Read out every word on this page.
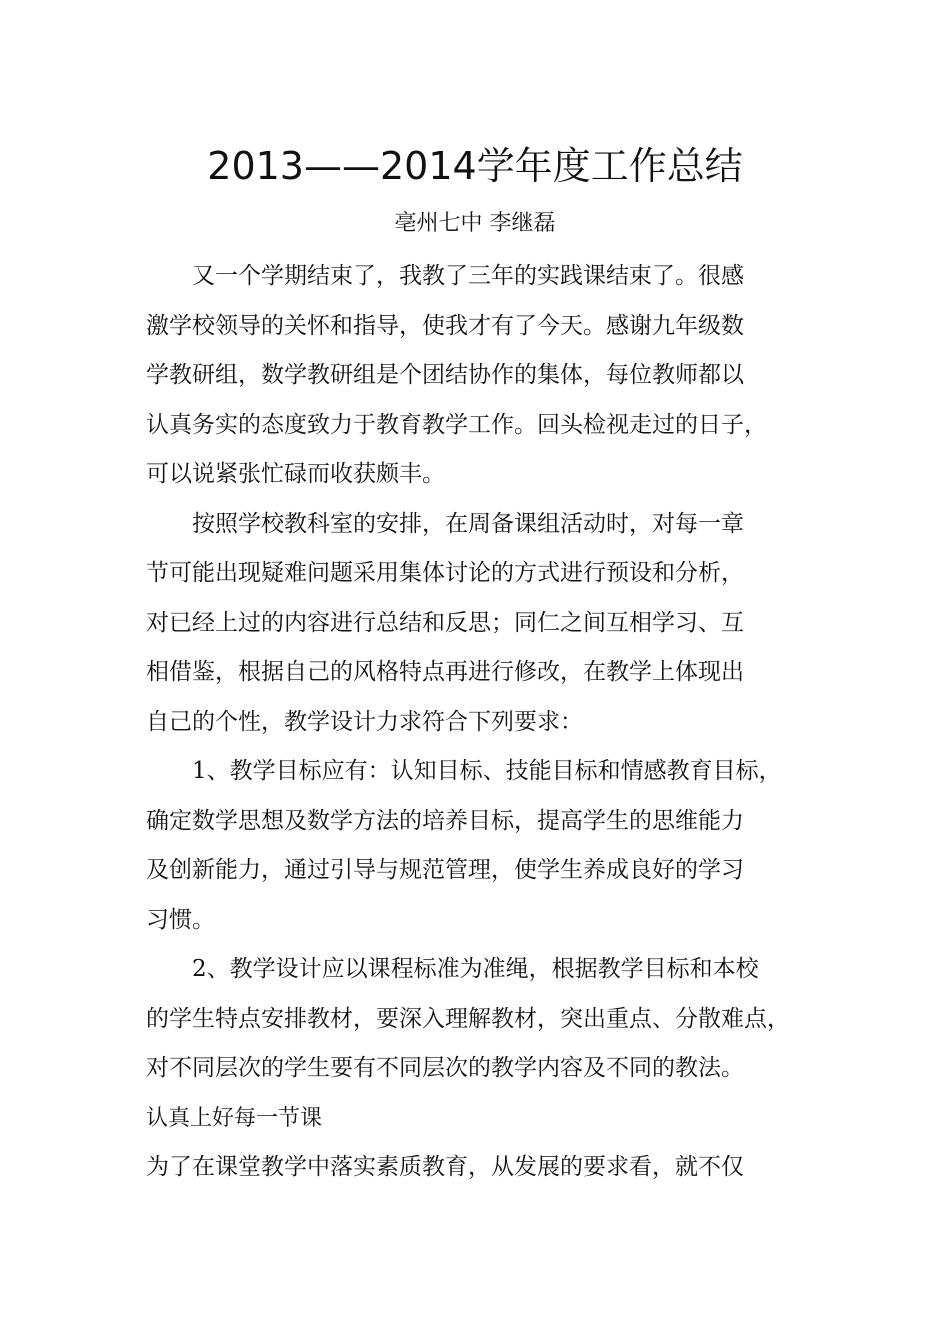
2013——2014学年度工作总结
亳州七中 李继磊

又一个学期结束了，我教了三年的实践课结束了。很感
激学校领导的关怀和指导，使我才有了今天。感谢九年级数
学教研组，数学教研组是个团结协作的集体，每位教师都以
认真务实的态度致力于教育教学工作。回头检视走过的日子，
可以说紧张忙碌而收获颇丰。

按照学校教科室的安排，在周备课组活动时，对每一章
节可能出现疑难问题采用集体讨论的方式进行预设和分析，
对已经上过的内容进行总结和反思；同仁之间互相学习、互
相借鉴，根据自己的风格特点再进行修改，在教学上体现出
自己的个性，教学设计力求符合下列要求：

1、教学目标应有：认知目标、技能目标和情感教育目标，
确定数学思想及数学方法的培养目标，提高学生的思维能力
及创新能力，通过引导与规范管理，使学生养成良好的学习
习惯。

2、教学设计应以课程标准为准绳，根据教学目标和本校
的学生特点安排教材，要深入理解教材，突出重点、分散难点，
对不同层次的学生要有不同层次的教学内容及不同的教法。

认真上好每一节课

为了在课堂教学中落实素质教育，从发展的要求看，就不仅
